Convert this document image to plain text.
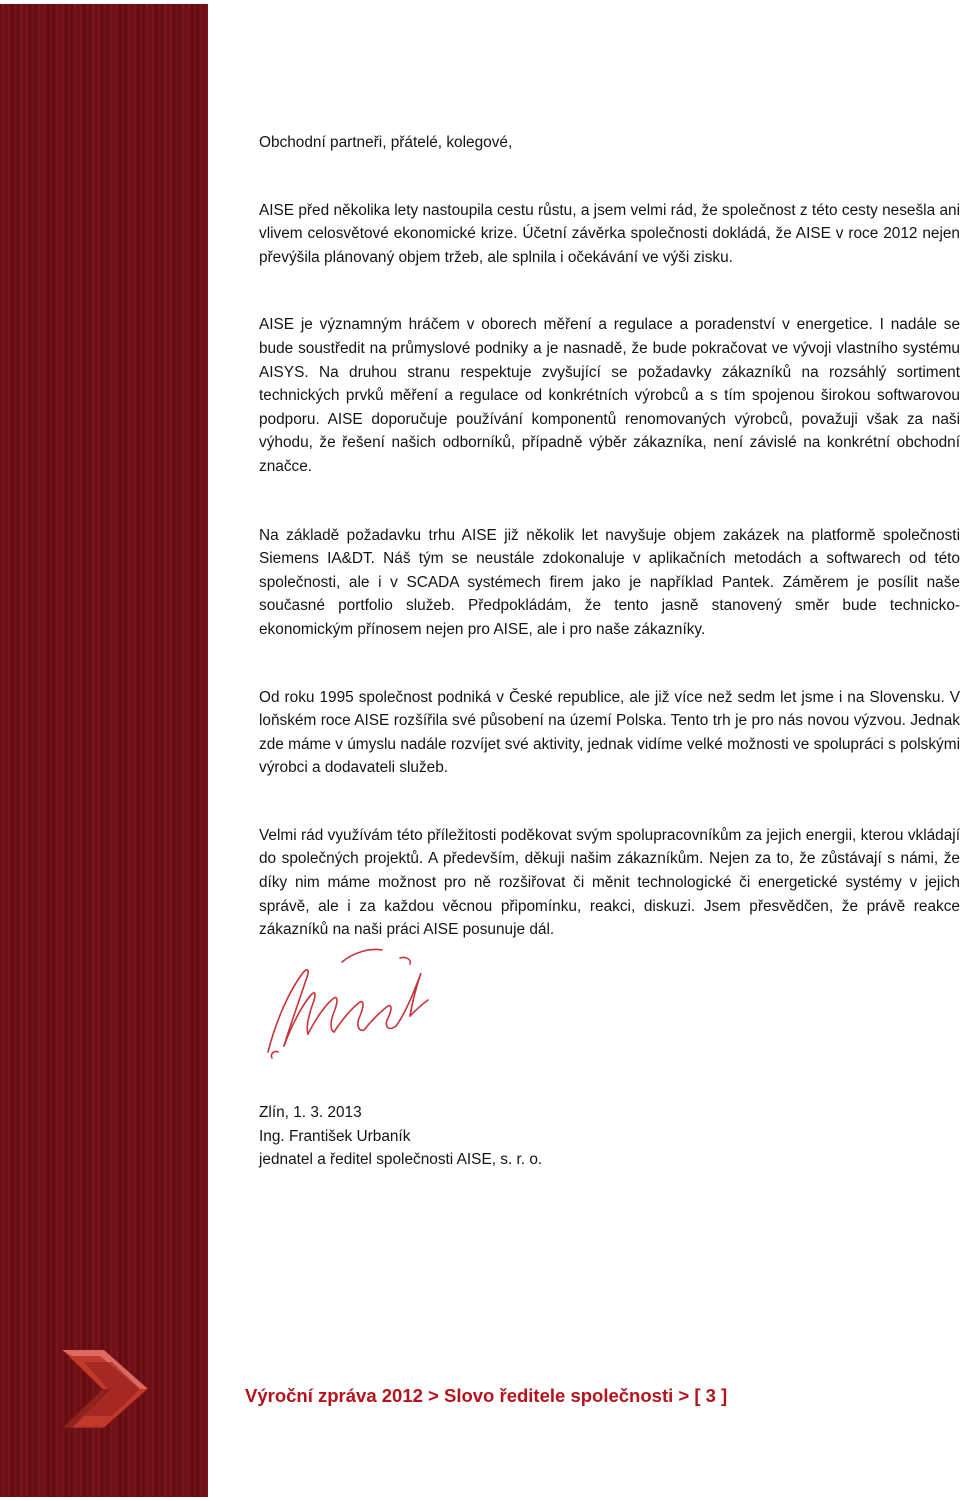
Obchodní partneři, přátelé, kolegové,

AISE před několika lety nastoupila cestu růstu, a jsem velmi rád, že společnost z této cesty nesešla ani vlivem celosvětové ekonomické krize. Účetní závěrka společnosti dokládá, že AISE v roce 2012 nejen převýšila plánovaný objem tržeb, ale splnila i očekávání ve výši zisku.

AISE je významným hráčem v oborech měření a regulace a poradenství v energetice. I nadále se bude soustředit na průmyslové podniky a je nasnadě, že bude pokračovat ve vývoji vlastního systému AISYS. Na druhou stranu respektuje zvyšující se požadavky zákazníků na rozsáhlý sortiment technických prvků měření a regulace od konkrétních výrobců a s tím spojenou širokou softwarovou podporu. AISE doporučuje používání komponentů renomovaných výrobců, považuji však za naši výhodu, že řešení našich odborníků, případně výběr zákazníka, není závislé na konkrétní obchodní značce.

Na základě požadavku trhu AISE již několik let navyšuje objem zakázek na platformě společnosti Siemens IA&DT. Náš tým se neustále zdokonaluje v aplikačních metodách a softwarech od této společnosti, ale i v SCADA systémech firem jako je například Pantek. Záměrem je posílit naše současné portfolio služeb. Předpokládám, že tento jasně stanovený směr bude technicko-ekonomickým přínosem nejen pro AISE, ale i pro naše zákazníky.

Od roku 1995 společnost podniká v České republice, ale již více než sedm let jsme i na Slovensku. V loňském roce AISE rozšířila své působení na území Polska. Tento trh je pro nás novou výzvou. Jednak zde máme v úmyslu nadále rozvíjet své aktivity, jednak vidíme velké možnosti ve spolupráci s polskými výrobci a dodavateli služeb.

Velmi rád využívám této příležitosti poděkovat svým spolupracovníkům za jejich energii, kterou vkládají do společných projektů. A především, děkuji našim zákazníkům. Nejen za to, že zůstávají s námi, že díky nim máme možnost pro ně rozšiřovat či měnit technologické či energetické systémy v jejich správě, ale i za každou věcnou připomínku, reakci, diskuzi. Jsem přesvědčen, že právě reakce zákazníků na naši práci AISE posunuje dál.

Zlín, 1. 3. 2013
Ing. František Urbaník
jednatel a ředitel společnosti AISE, s. r. o.
Výroční zpráva 2012 > Slovo ředitele společnosti > [ 3 ]
